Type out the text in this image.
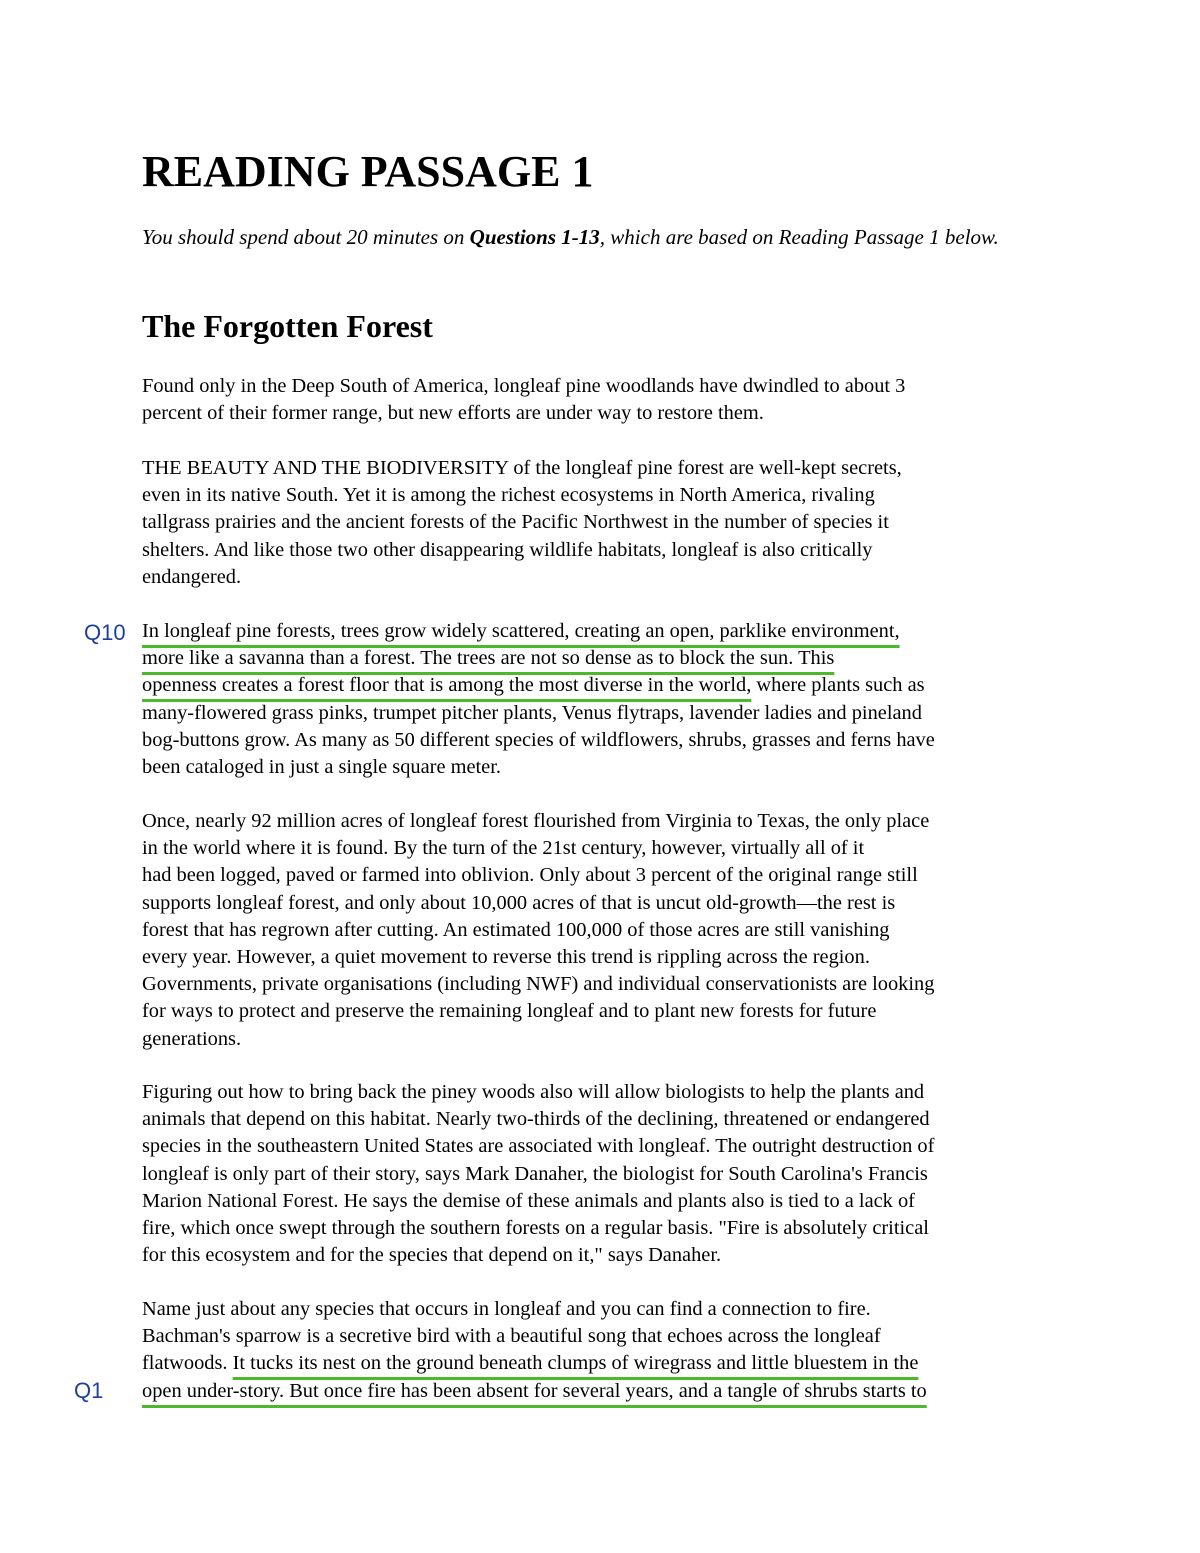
READING PASSAGE 1

You should spend about 20 minutes on Questions 1-13, which are based on Reading Passage 1 below.

The Forgotten Forest

Found only in the Deep South of America, longleaf pine woodlands have dwindled to about 3
percent of their former range, but new efforts are under way to restore them.

THE BEAUTY AND THE BIODIVERSITY of the longleaf pine forest are well-kept secrets,
even in its native South. Yet it is among the richest ecosystems in North America, rivaling
tallgrass prairies and the ancient forests of the Pacific Northwest in the number of species it
shelters. And like those two other disappearing wildlife habitats, longleaf is also critically
endangered.

Q10 In longleaf pine forests, trees grow widely scattered, creating an open, parklike environment,
more like a savanna than a forest. The trees are not so dense as to block the sun. This
openness creates a forest floor that is among the most diverse in the world, where plants such as
many-flowered grass pinks, trumpet pitcher plants, Venus flytraps, lavender ladies and pineland
bog-buttons grow. As many as 50 different species of wildflowers, shrubs, grasses and ferns have
been cataloged in just a single square meter.

Once, nearly 92 million acres of longleaf forest flourished from Virginia to Texas, the only place
in the world where it is found. By the turn of the 21st century, however, virtually all of it
had been logged, paved or farmed into oblivion. Only about 3 percent of the original range still
supports longleaf forest, and only about 10,000 acres of that is uncut old-growth—the rest is
forest that has regrown after cutting. An estimated 100,000 of those acres are still vanishing
every year. However, a quiet movement to reverse this trend is rippling across the region.
Governments, private organisations (including NWF) and individual conservationists are looking
for ways to protect and preserve the remaining longleaf and to plant new forests for future
generations.

Figuring out how to bring back the piney woods also will allow biologists to help the plants and
animals that depend on this habitat. Nearly two-thirds of the declining, threatened or endangered
species in the southeastern United States are associated with longleaf. The outright destruction of
longleaf is only part of their story, says Mark Danaher, the biologist for South Carolina's Francis
Marion National Forest. He says the demise of these animals and plants also is tied to a lack of
fire, which once swept through the southern forests on a regular basis. "Fire is absolutely critical
for this ecosystem and for the species that depend on it," says Danaher.

Q1

Name just about any species that occurs in longleaf and you can find a connection to fire.
Bachman's sparrow is a secretive bird with a beautiful song that echoes across the longleaf
flatwoods. It tucks its nest on the ground beneath clumps of wiregrass and little bluestem in the
open under-story. But once fire has been absent for several years, and a tangle of shrubs starts to
